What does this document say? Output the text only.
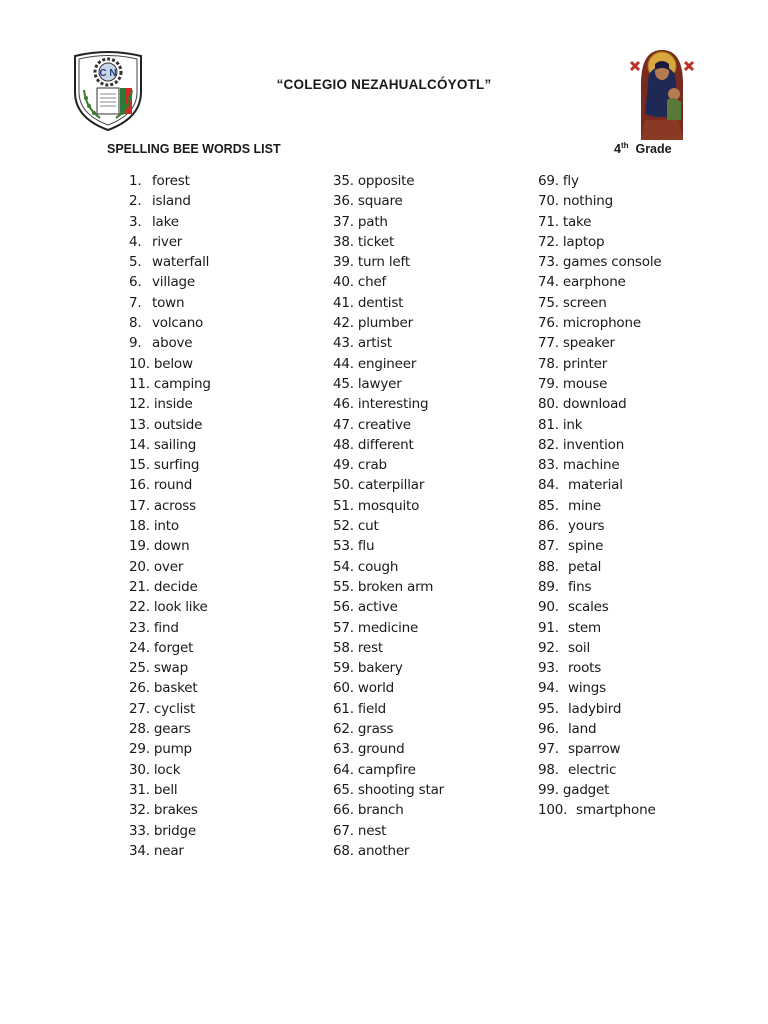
C N
“COLEGIO NEZAHUALCÓYOTL”
SPELLING BEE WORDS LIST	4th Grade
1. forest
2. island
3. lake
4. river
5. waterfall
6. village
7. town
8. volcano
9. above
10. below
11. camping
12. inside
13. outside
14. sailing
15. surfing
16. round
17. across
18. into
19. down
20. over
21. decide
22. look like
23. find
24. forget
25. swap
26. basket
27. cyclist
28. gears
29. pump
30. lock
31. bell
32. brakes
33. bridge
34. near
35. opposite
36. square
37. path
38. ticket
39. turn left
40. chef
41. dentist
42. plumber
43. artist
44. engineer
45. lawyer
46. interesting
47. creative
48. different
49. crab
50. caterpillar
51. mosquito
52. cut
53. flu
54. cough
55. broken arm
56. active
57. medicine
58. rest
59. bakery
60. world
61. field
62. grass
63. ground
64. campfire
65. shooting star
66. branch
67. nest
68. another
69. fly
70. nothing
71. take
72. laptop
73. games console
74. earphone
75. screen
76. microphone
77. speaker
78. printer
79. mouse
80. download
81. ink
82. invention
83. machine
84. material
85. mine
86. yours
87. spine
88. petal
89. fins
90. scales
91. stem
92. soil
93. roots
94. wings
95. ladybird
96. land
97. sparrow
98. electric
99. gadget
100. smartphone
